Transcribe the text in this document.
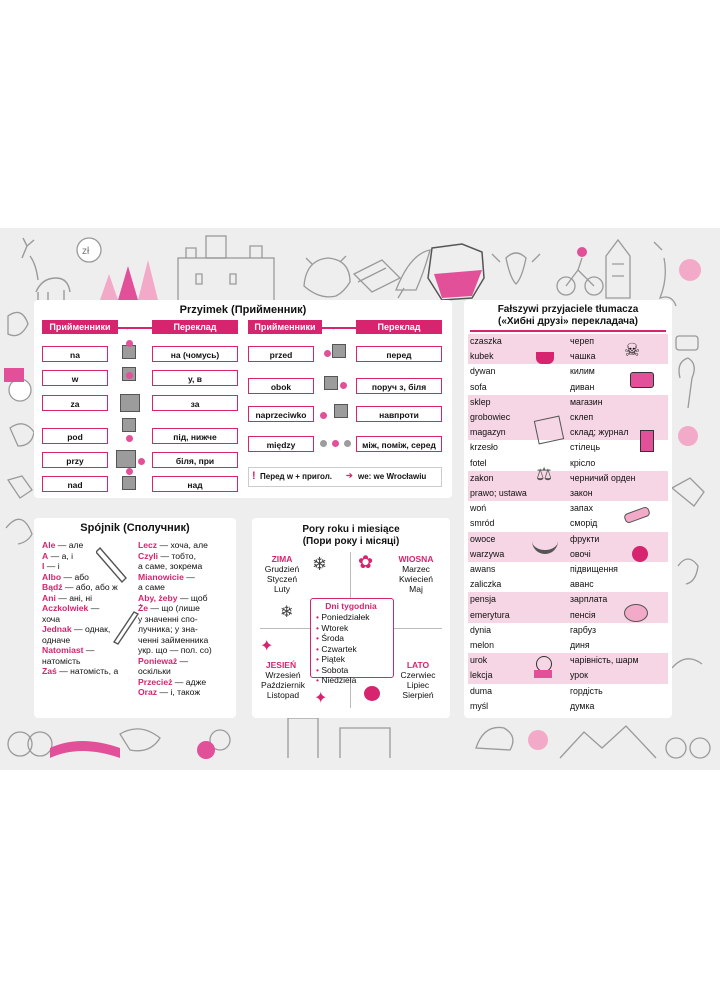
zł
Przyimek (Прийменник)
Прийменники	Переклад	Прийменники	Переклад
→	→
na	на (чомусь)
w	у, в
za	за
pod	під, нижче
przy	біля, при
nad	над
przed	перед
obok	поруч з, біля
naprzeciwko	навпроти
między	між, поміж, серед
! Перед w + пригол. ➔ we: we Wrocławiu
Spójnik (Сполучник)
Ale — але
A — а, і
I — і
Albo — або
Bądź — або, або ж
Ani — ані, ні
Aczkolwiek —
хоча
Jednak — однак,
одначе
Natomiast —
натомість
Zaś — натомість, а
Lecz — хоча, але
Czyli — тобто,
а саме, зокрема
Mianowicie —
а саме
Aby, żeby — щоб
Że — що (лише
у значенні спо-
лучника; у зна-
ченні займенника
укр. що — пол. co)
Ponieważ —
оскільки
Przecież — адже
Oraz — і, також
Pory roku i miesiące
(Пори року і місяці)
ZIMA
Grudzień
Styczeń
Luty
❄
❄
WIOSNA
Marzec
Kwiecień
Maj
✿
Dni tygodnia
• Poniedziałek
• Wtorek
• Środa
• Czwartek
• Piątek
• Sobota
• Niedziela
JESIEŃ
Wrzesień
Październik
Listopad
✦
✦
LATO
Czerwiec
Lipiec
Sierpień
Fałszywi przyjaciele tłumacza
(«Хибні друзі» перекладача)
czaszka	череп
kubek	чашка
dywan	килим
sofa	диван
sklep	магазин
grobowiec	склеп
magazyn	склад; журнал
krzesło	стілець
fotel	крісло
zakon	черничий орден
prawo; ustawa	закон
woń	запах
smród	сморід
owoce	фрукти
warzywa	овочі
awans	підвищення
zaliczka	аванс
pensja	зарплата
emerytura	пенсія
dynia	гарбуз
melon	диня
urok	чарівність, шарм
lekcja	урок
duma	гордість
myśl	думка
☠
⚖
